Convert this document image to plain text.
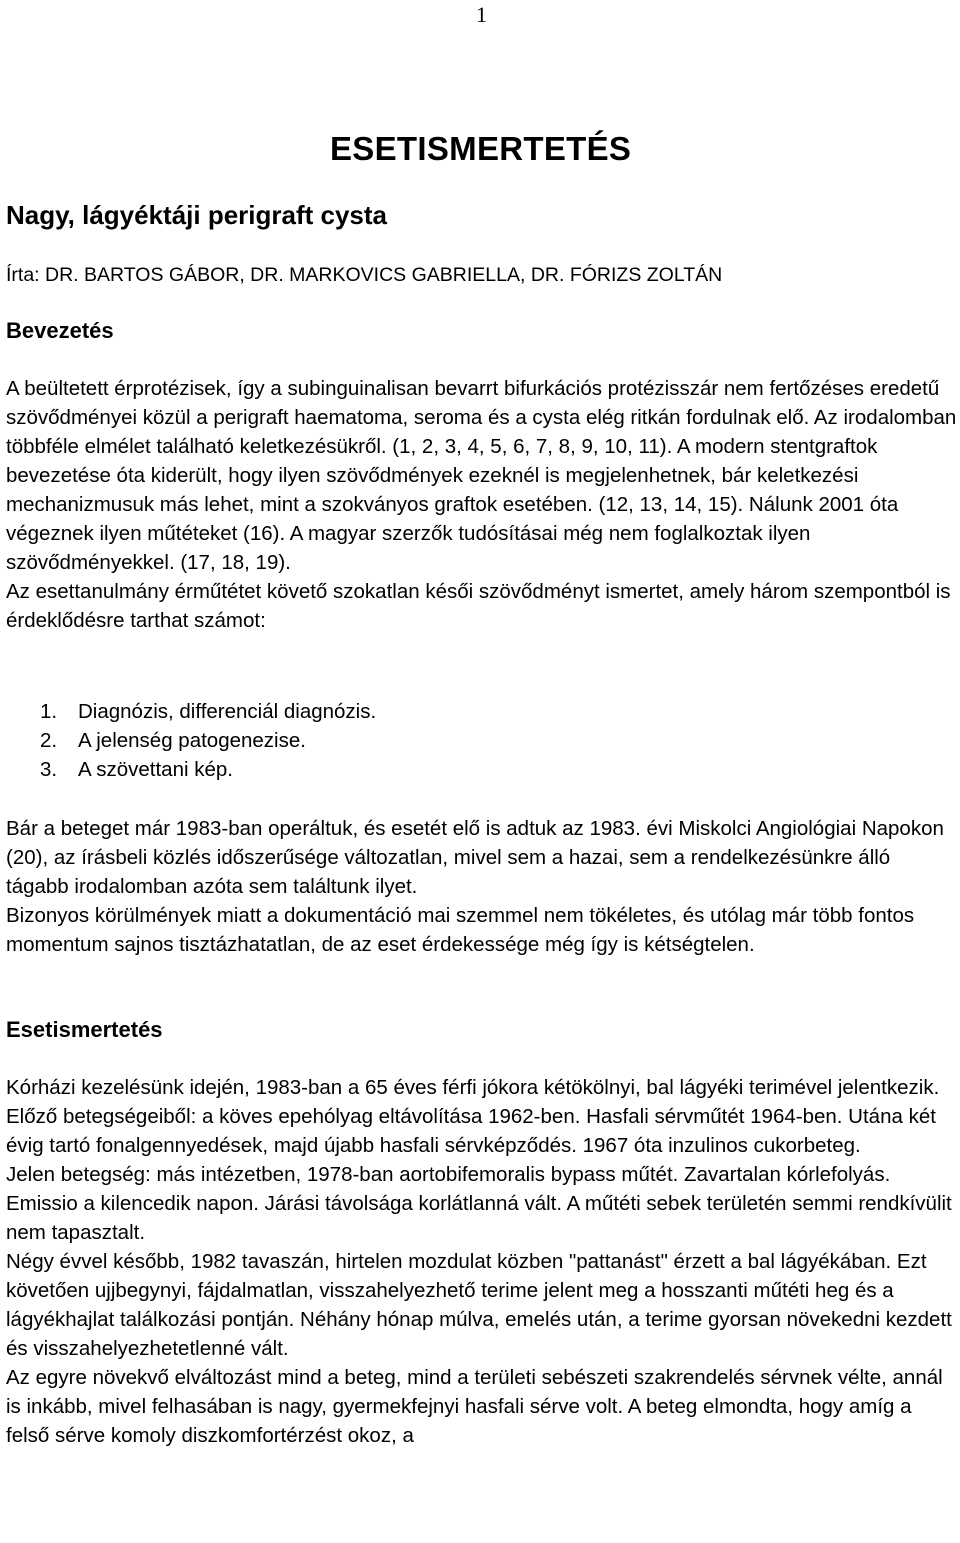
1
ESETISMERTETÉS
Nagy, lágyéktáji perigraft cysta
Írta: DR. BARTOS GÁBOR, DR. MARKOVICS GABRIELLA, DR. FÓRIZS ZOLTÁN
Bevezetés

A beültetett érprotézisek, így a subinguinalisan bevarrt bifurkációs protézisszár nem fertőzéses eredetű szövődményei közül a perigraft haematoma, seroma és a cysta elég ritkán fordulnak elő. Az irodalomban többféle elmélet található keletkezésükről. (1, 2, 3, 4, 5, 6, 7, 8, 9, 10, 11). A modern stentgraftok bevezetése óta kiderült, hogy ilyen szövődmények ezeknél is megjelenhetnek, bár keletkezési mechanizmusuk más lehet, mint a szokványos graftok esetében. (12, 13, 14, 15). Nálunk 2001 óta végeznek ilyen műtéteket (16). A magyar szerzők tudósításai még nem foglalkoztak ilyen szövődményekkel. (17, 18, 19).

Az esettanulmány érműtétet követő szokatlan késői szövődményt ismertet, amely három szempontból is érdeklődésre tarthat számot:

1.	Diagnózis, differenciál diagnózis.
2.	A jelenség patogenezise.
3.	A szövettani kép.

Bár a beteget már 1983-ban operáltuk, és esetét elő is adtuk az 1983. évi Miskolci Angiológiai Napokon (20), az írásbeli közlés időszerűsége változatlan, mivel sem a hazai, sem a rendelkezésünkre álló tágabb irodalomban azóta sem találtunk ilyet.

Bizonyos körülmények miatt a dokumentáció mai szemmel nem tökéletes, és utólag már több fontos momentum sajnos tisztázhatatlan, de az eset érdekessége még így is kétségtelen.

Esetismertetés

Kórházi kezelésünk idején, 1983-ban a 65 éves férfi jókora kétökölnyi, bal lágyéki terimével jelentkezik.

Előző betegségeiből: a köves epehólyag eltávolítása 1962-ben. Hasfali sérvműtét 1964-ben. Utána két évig tartó fonalgennyedések, majd újabb hasfali sérvképződés. 1967 óta inzulinos cukorbeteg.

Jelen betegség: más intézetben, 1978-ban aortobifemoralis bypass műtét. Zavartalan kórlefolyás. Emissio a kilencedik napon. Járási távolsága korlátlanná vált. A műtéti sebek területén semmi rendkívülit nem tapasztalt.

Négy évvel később, 1982 tavaszán, hirtelen mozdulat közben "pattanást" érzett a bal lágyékában. Ezt követően ujjbegynyi, fájdalmatlan, visszahelyezhető terime jelent meg a hosszanti műtéti heg és a lágyékhajlat találkozási pontján. Néhány hónap múlva, emelés után, a terime gyorsan növekedni kezdett és visszahelyezhetetlenné vált.

Az egyre növekvő elváltozást mind a beteg, mind a területi sebészeti szakrendelés sérvnek vélte, annál is inkább, mivel felhasában is nagy, gyermekfejnyi hasfali sérve volt. A beteg elmondta, hogy amíg a felső sérve komoly diszkomfortérzést okoz, a
